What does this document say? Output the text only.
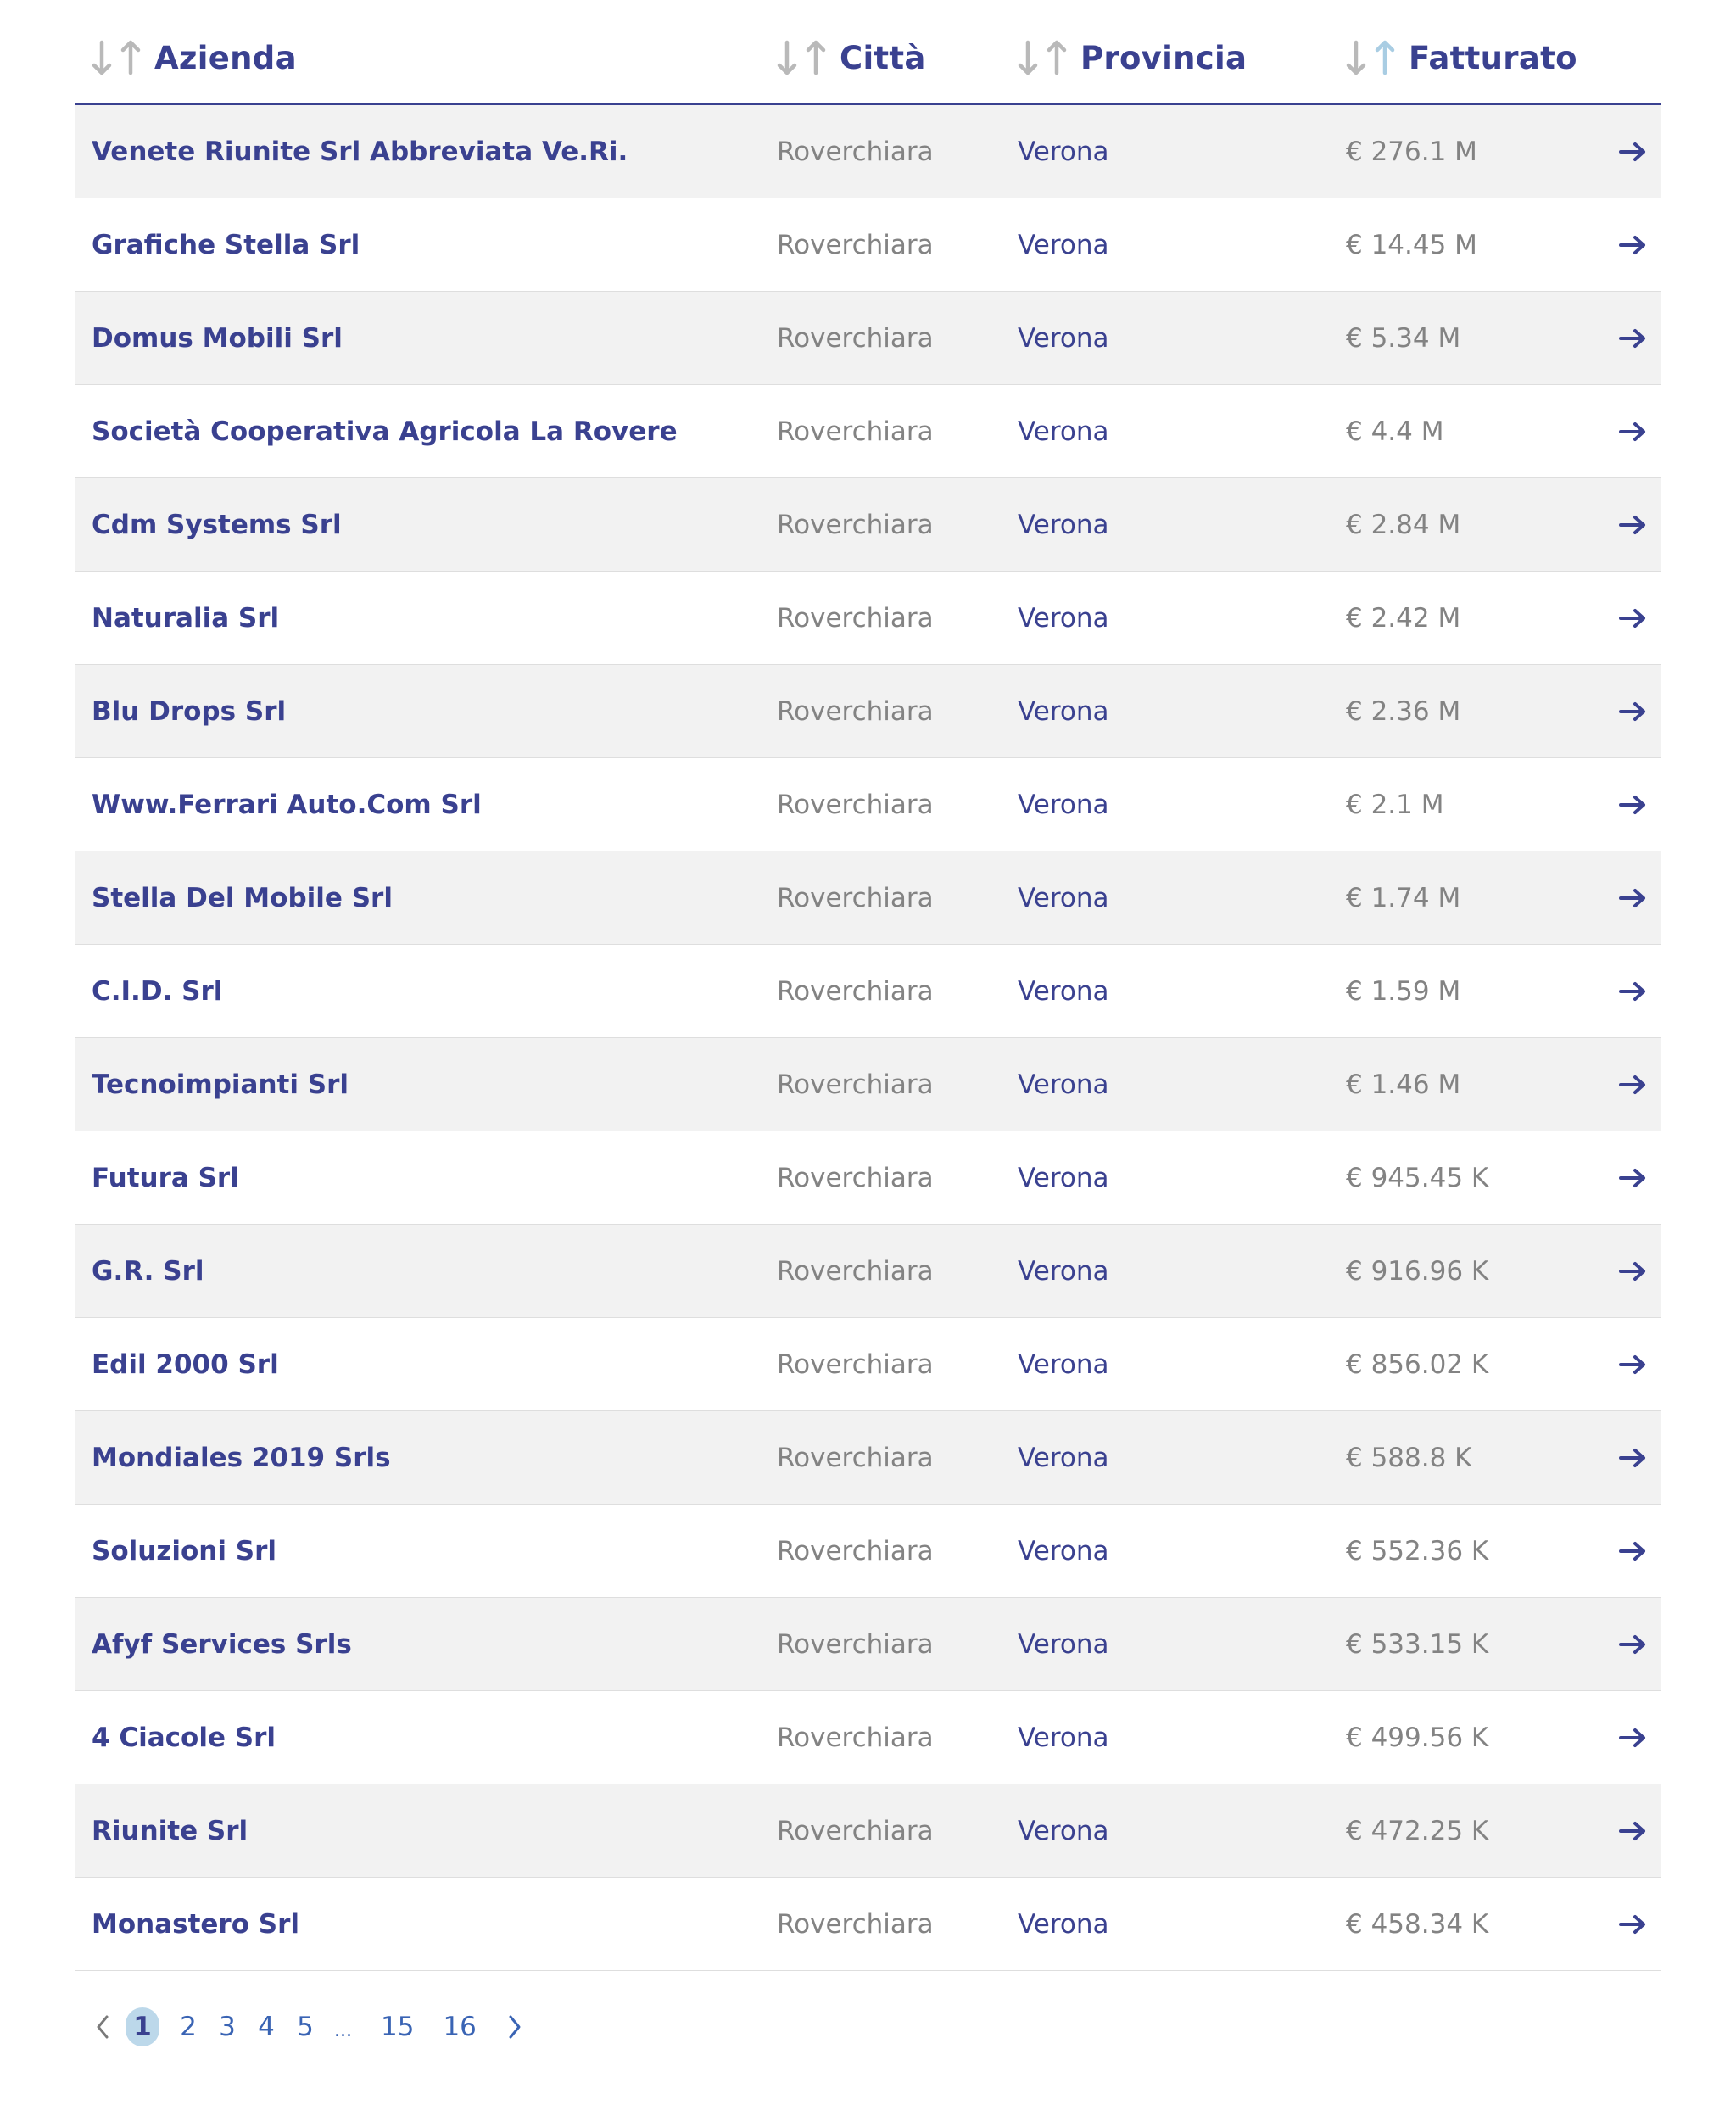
Azienda	Città	Provincia	Fatturato
Venete Riunite Srl Abbreviata Ve.Ri.	Roverchiara	Verona	€ 276.1 M
Grafiche Stella Srl	Roverchiara	Verona	€ 14.45 M
Domus Mobili Srl	Roverchiara	Verona	€ 5.34 M
Società Cooperativa Agricola La Rovere	Roverchiara	Verona	€ 4.4 M
Cdm Systems Srl	Roverchiara	Verona	€ 2.84 M
Naturalia Srl	Roverchiara	Verona	€ 2.42 M
Blu Drops Srl	Roverchiara	Verona	€ 2.36 M
Www.Ferrari Auto.Com Srl	Roverchiara	Verona	€ 2.1 M
Stella Del Mobile Srl	Roverchiara	Verona	€ 1.74 M
C.I.D. Srl	Roverchiara	Verona	€ 1.59 M
Tecnoimpianti Srl	Roverchiara	Verona	€ 1.46 M
Futura Srl	Roverchiara	Verona	€ 945.45 K
G.R. Srl	Roverchiara	Verona	€ 916.96 K
Edil 2000 Srl	Roverchiara	Verona	€ 856.02 K
Mondiales 2019 Srls	Roverchiara	Verona	€ 588.8 K
Soluzioni Srl	Roverchiara	Verona	€ 552.36 K
Afyf Services Srls	Roverchiara	Verona	€ 533.15 K
4 Ciacole Srl	Roverchiara	Verona	€ 499.56 K
Riunite Srl	Roverchiara	Verona	€ 472.25 K
Monastero Srl	Roverchiara	Verona	€ 458.34 K
1 2 3 4 5 ... 15 16
